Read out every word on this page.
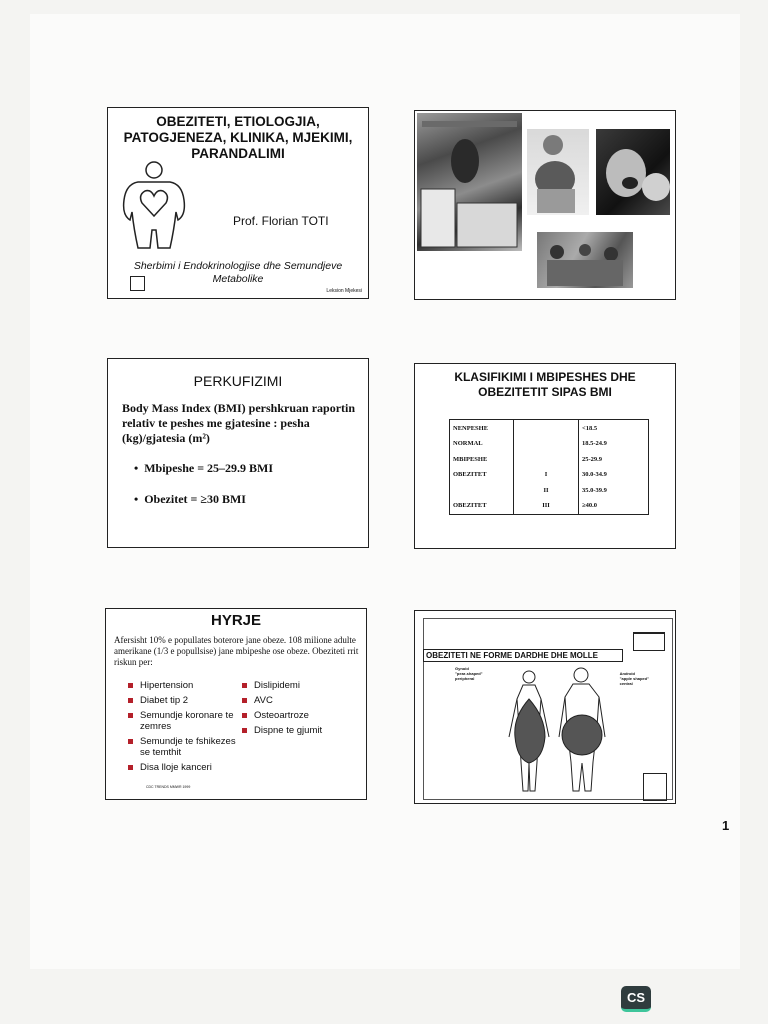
OBEZITETI, ETIOLOGJIA, PATOGJENEZA, KLINIKA, MJEKIMI, PARANDALIMI
Prof. Florian TOTI
Sherbimi i Endokrinologjise dhe Semundjeve Metabolike
Leksion Mjekesi
PERKUFIZIMI
Body Mass Index (BMI) pershkruan raportin relativ te peshes me gjatesine : pesha (kg)/gjatesia (m²)
•  Mbipeshe = 25–29.9 BMI
•  Obezitet = ≥30 BMI
KLASIFIKIMI I MBIPESHES DHE OBEZITETIT SIPAS BMI
NENPESHE		<18.5
NORMAL		18.5-24.9
MBIPESHE		25-29.9
OBEZITET	I	30.0-34.9
	II	35.0-39.9
OBEZITET	III	≥40.0
HYRJE
Afersisht 10% e popullates boterore jane obeze. 108 milione adulte amerikane (1/3 e popullsise) jane mbipeshe ose obeze. Obeziteti rrit riskun per:
Hipertension
Diabet tip 2
Semundje koronare te zemres
Semundje te fshikezes se temthit
Disa lloje kanceri
Dislipidemi
AVC
Osteoartroze
Dispne te gjumit
CDC TRENDS MMWR 1999
OBEZITETI NE FORME DARDHE DHE MOLLE
Gynoid
"pear-shaped"
peripheral
Android
"apple shaped"
central
1
CS
